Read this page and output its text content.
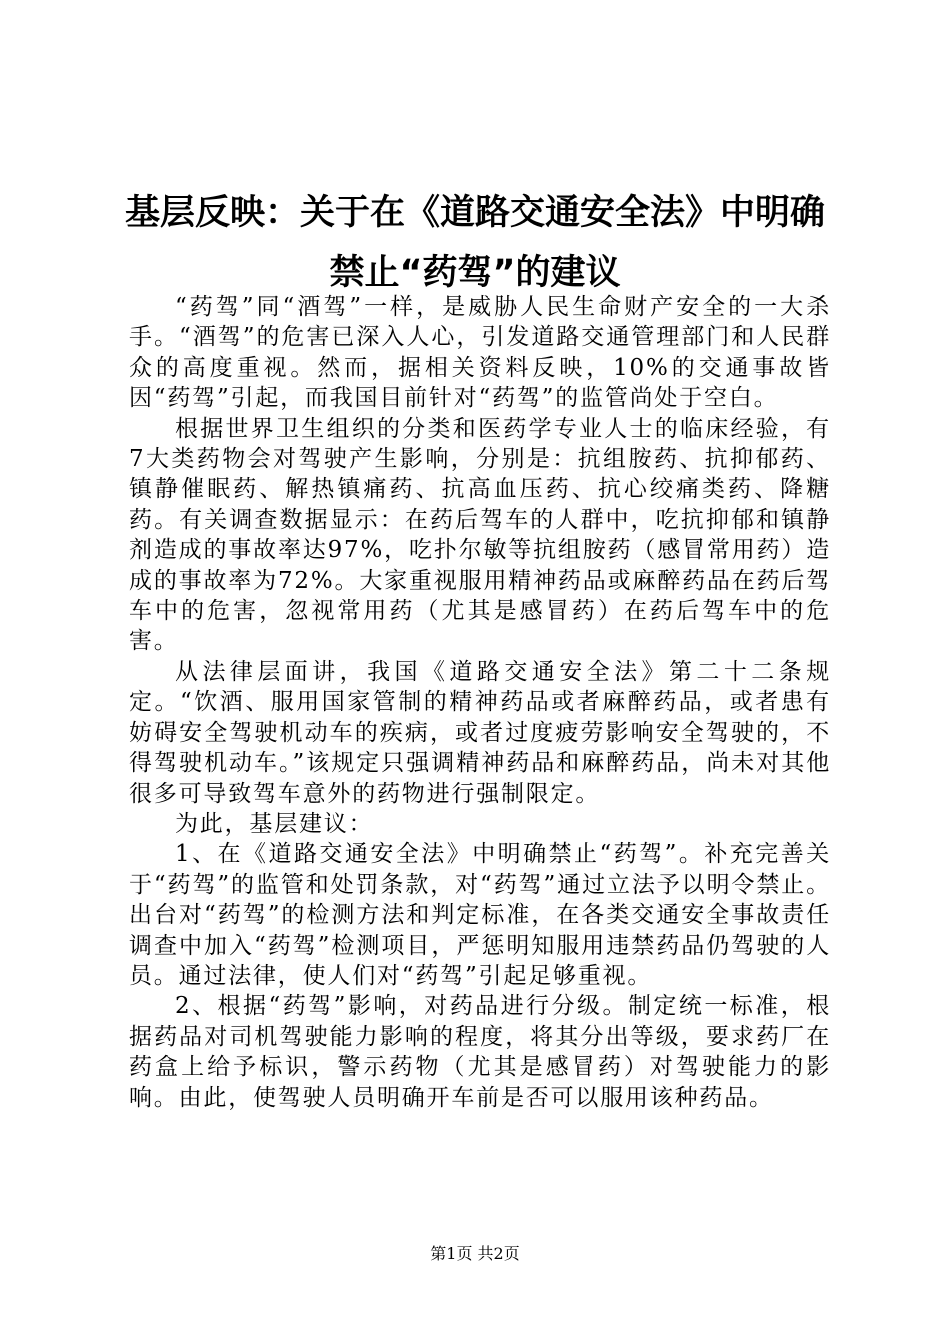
基层反映：关于在《道路交通安全法》中明确
禁止“药驾”的建议

“药驾”同“酒驾”一样，是威胁人民生命财产安全的一大杀手。“酒驾”的危害已深入人心，引发道路交通管理部门和人民群众的高度重视。然而，据相关资料反映，10%的交通事故皆因“药驾”引起，而我国目前针对“药驾”的监管尚处于空白。

根据世界卫生组织的分类和医药学专业人士的临床经验，有7大类药物会对驾驶产生影响，分别是：抗组胺药、抗抑郁药、镇静催眠药、解热镇痛药、抗高血压药、抗心绞痛类药、降糖药。有关调查数据显示：在药后驾车的人群中，吃抗抑郁和镇静剂造成的事故率达97%，吃扑尔敏等抗组胺药（感冒常用药）造成的事故率为72%。大家重视服用精神药品或麻醉药品在药后驾车中的危害，忽视常用药（尤其是感冒药）在药后驾车中的危害。

从法律层面讲，我国《道路交通安全法》第二十二条规定。“饮酒、服用国家管制的精神药品或者麻醉药品，或者患有妨碍安全驾驶机动车的疾病，或者过度疲劳影响安全驾驶的，不得驾驶机动车。”该规定只强调精神药品和麻醉药品，尚未对其他很多可导致驾车意外的药物进行强制限定。

为此，基层建议：

1、在《道路交通安全法》中明确禁止“药驾”。补充完善关于“药驾”的监管和处罚条款，对“药驾”通过立法予以明令禁止。出台对“药驾”的检测方法和判定标准，在各类交通安全事故责任调查中加入“药驾”检测项目，严惩明知服用违禁药品仍驾驶的人员。通过法律，使人们对“药驾”引起足够重视。

2、根据“药驾”影响，对药品进行分级。制定统一标准，根据药品对司机驾驶能力影响的程度，将其分出等级，要求药厂在药盒上给予标识，警示药物（尤其是感冒药）对驾驶能力的影响。由此，使驾驶人员明确开车前是否可以服用该种药品。

第1页 共2页
